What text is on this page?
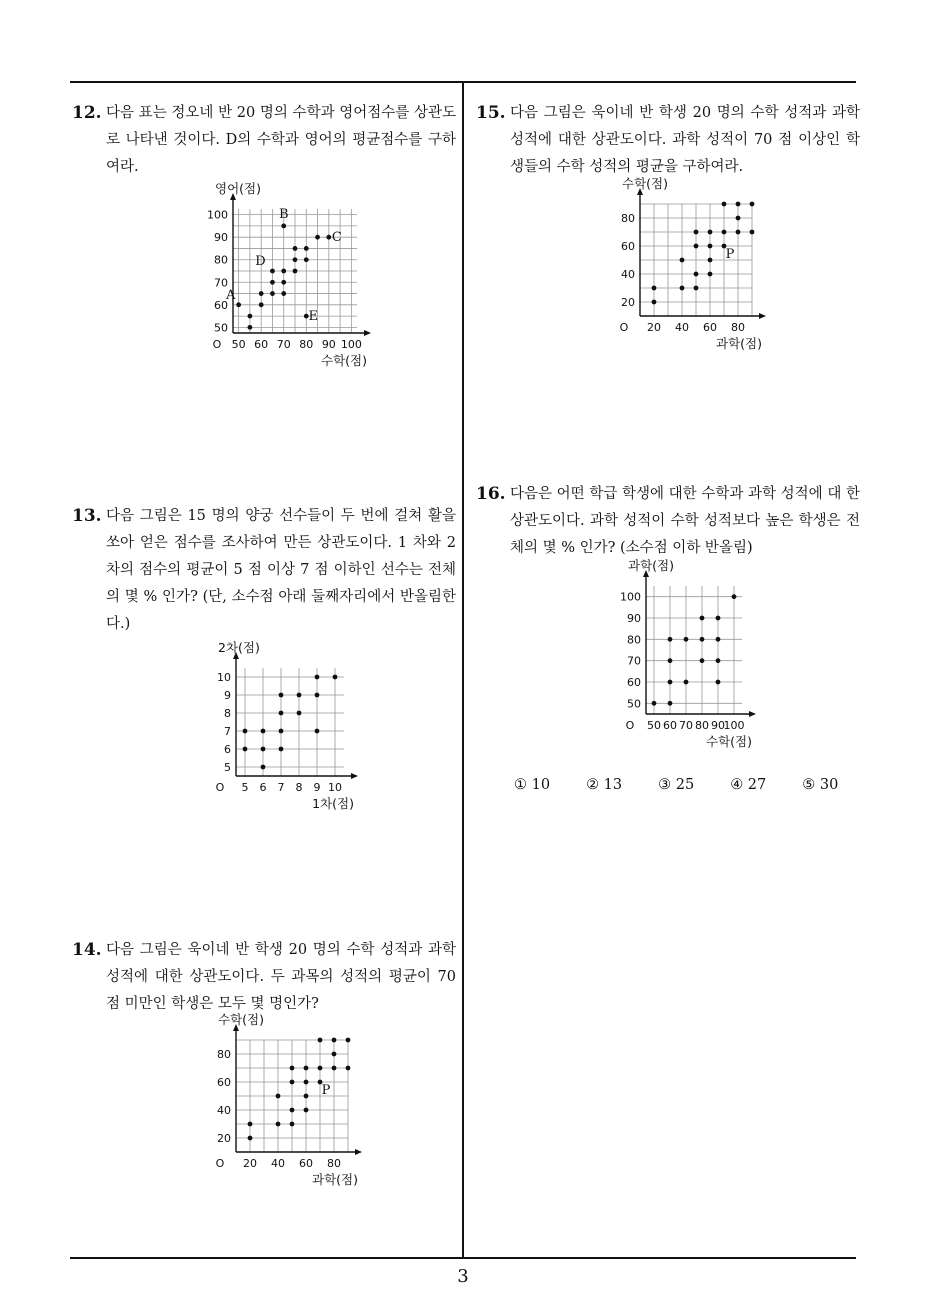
12. 다음 표는 정오네 반 20 명의 수학과 영어점수를 상관도로 나타낸 것이다. D의 수학과 영어의 평균점수를 구하여라.
50 60 70 80 90 100
50
60
70
80
90
100
O
영어(점)
수학(점)
A
B
C
D
E
13. 다음 그림은 15 명의 양궁 선수들이 두 번에 걸쳐 활을 쏘아 얻은 점수를 조사하여 만든 상관도이다. 1 차와 2 차의 점수의 평균이 5 점 이상 7 점 이하인 선수는 전체의 몇 % 인가? (단, 소수점 아래 둘째자리에서 반올림한다.)
5 6 7 8 9 10
5
6
7
8
9
10
O
2차(점)
1차(점)
14. 다음 그림은 욱이네 반 학생 20 명의 수학 성적과 과학 성적에 대한 상관도이다. 두 과목의 성적의 평균이 70 점 미만인 학생은 모두 몇 명인가?
20 40 60 80
20
40
60
80
O
수학(점)
과학(점)
P
15. 다음 그림은 욱이네 반 학생 20 명의 수학 성적과 과학 성적에 대한 상관도이다. 과학 성적이 70 점 이상인 학생들의 수학 성적의 평균을 구하여라.
20 40 60 80
20
40
60
80
O
수학(점)
과학(점)
P
16. 다음은 어떤 학급 학생에 대한 수학과 과학 성적에 대 한 상관도이다. 과학 성적이 수학 성적보다 높은 학생은 전체의 몇 % 인가? (소수점 이하 반올림)
50 60 70 80 90
100
50
60
70
80
90
100
O
과학(점)
수학(점)
① 10 ② 13 ③ 25 ④ 27 ⑤ 30
3
